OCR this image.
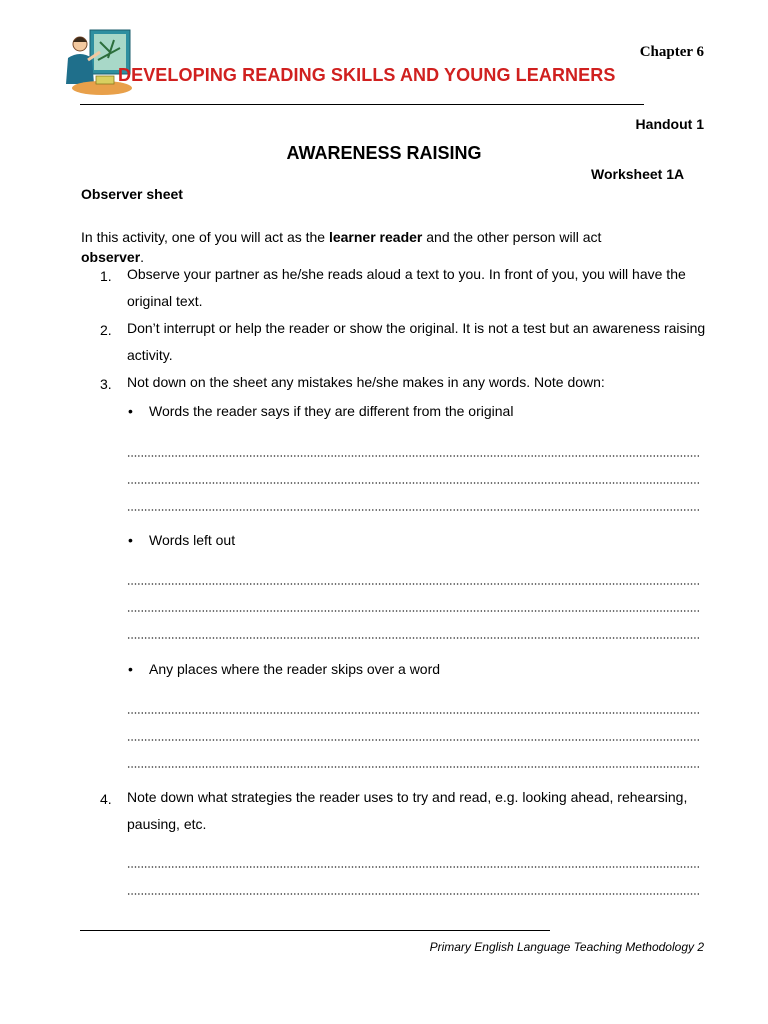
Chapter 6
DEVELOPING READING SKILLS AND YOUNG LEARNERS
Handout 1
AWARENESS RAISING
Worksheet 1A
Observer sheet
In this activity, one of you will act as the learner reader and the other person will act
observer.
1.	Observe your partner as he/she reads aloud a text to you. In front of you, you will have the original text.
2.	Don’t interrupt or help the reader or show the original. It is not a test but an awareness raising activity.
3.	Not down on the sheet any mistakes he/she makes in any words. Note down:
• Words the reader says if they are different from the original
• Words left out
• Any places where the reader skips over a word
4.	Note down what strategies the reader uses to try and read, e.g. looking ahead, rehearsing, pausing, etc.
Primary English Language Teaching Methodology 2
